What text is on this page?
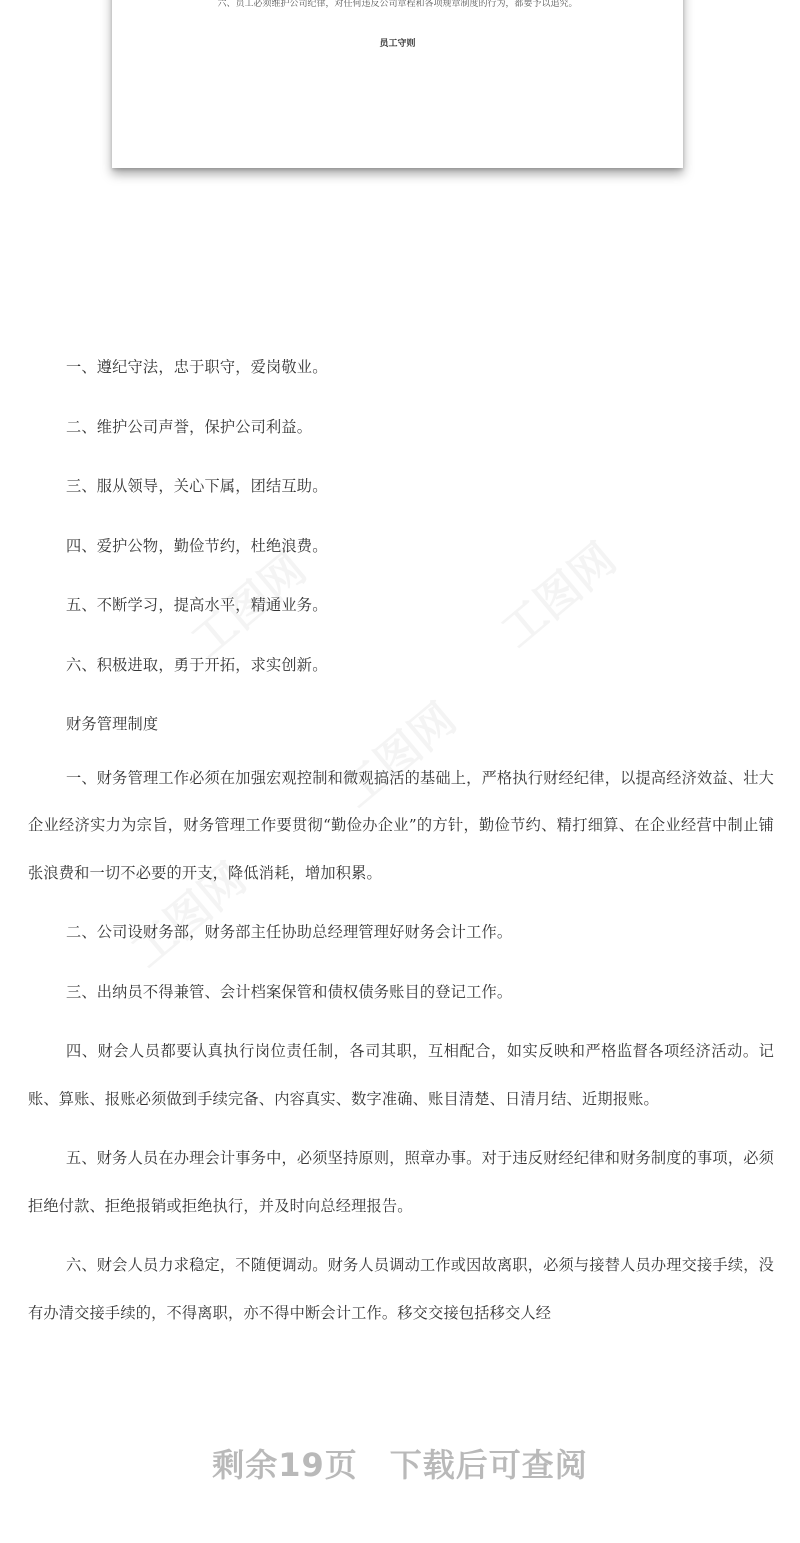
六、员工必须维护公司纪律，对任何违反公司章程和各项规章制度的行为，都要予以追究。
员工守则

一、遵纪守法，忠于职守，爱岗敬业。

二、维护公司声誉，保护公司利益。

三、服从领导，关心下属，团结互助。

四、爱护公物，勤俭节约，杜绝浪费。

五、不断学习，提高水平，精通业务。

六、积极进取，勇于开拓，求实创新。

财务管理制度

一、财务管理工作必须在加强宏观控制和微观搞活的基础上，严格执行财经纪律，以提高经济效益、壮大企业经济实力为宗旨，财务管理工作要贯彻“勤俭办企业”的方针，勤俭节约、精打细算、在企业经营中制止铺张浪费和一切不必要的开支，降低消耗，增加积累。

二、公司设财务部，财务部主任协助总经理管理好财务会计工作。

三、出纳员不得兼管、会计档案保管和债权债务账目的登记工作。

四、财会人员都要认真执行岗位责任制，各司其职，互相配合，如实反映和严格监督各项经济活动。记账、算账、报账必须做到手续完备、内容真实、数字准确、账目清楚、日清月结、近期报账。

五、财务人员在办理会计事务中，必须坚持原则，照章办事。对于违反财经纪律和财务制度的事项，必须拒绝付款、拒绝报销或拒绝执行，并及时向总经理报告。

六、财会人员力求稳定，不随便调动。财务人员调动工作或因故离职，必须与接替人员办理交接手续，没有办清交接手续的，不得离职，亦不得中断会计工作。移交交接包括移交人经

剩余19页 下载后可查阅
